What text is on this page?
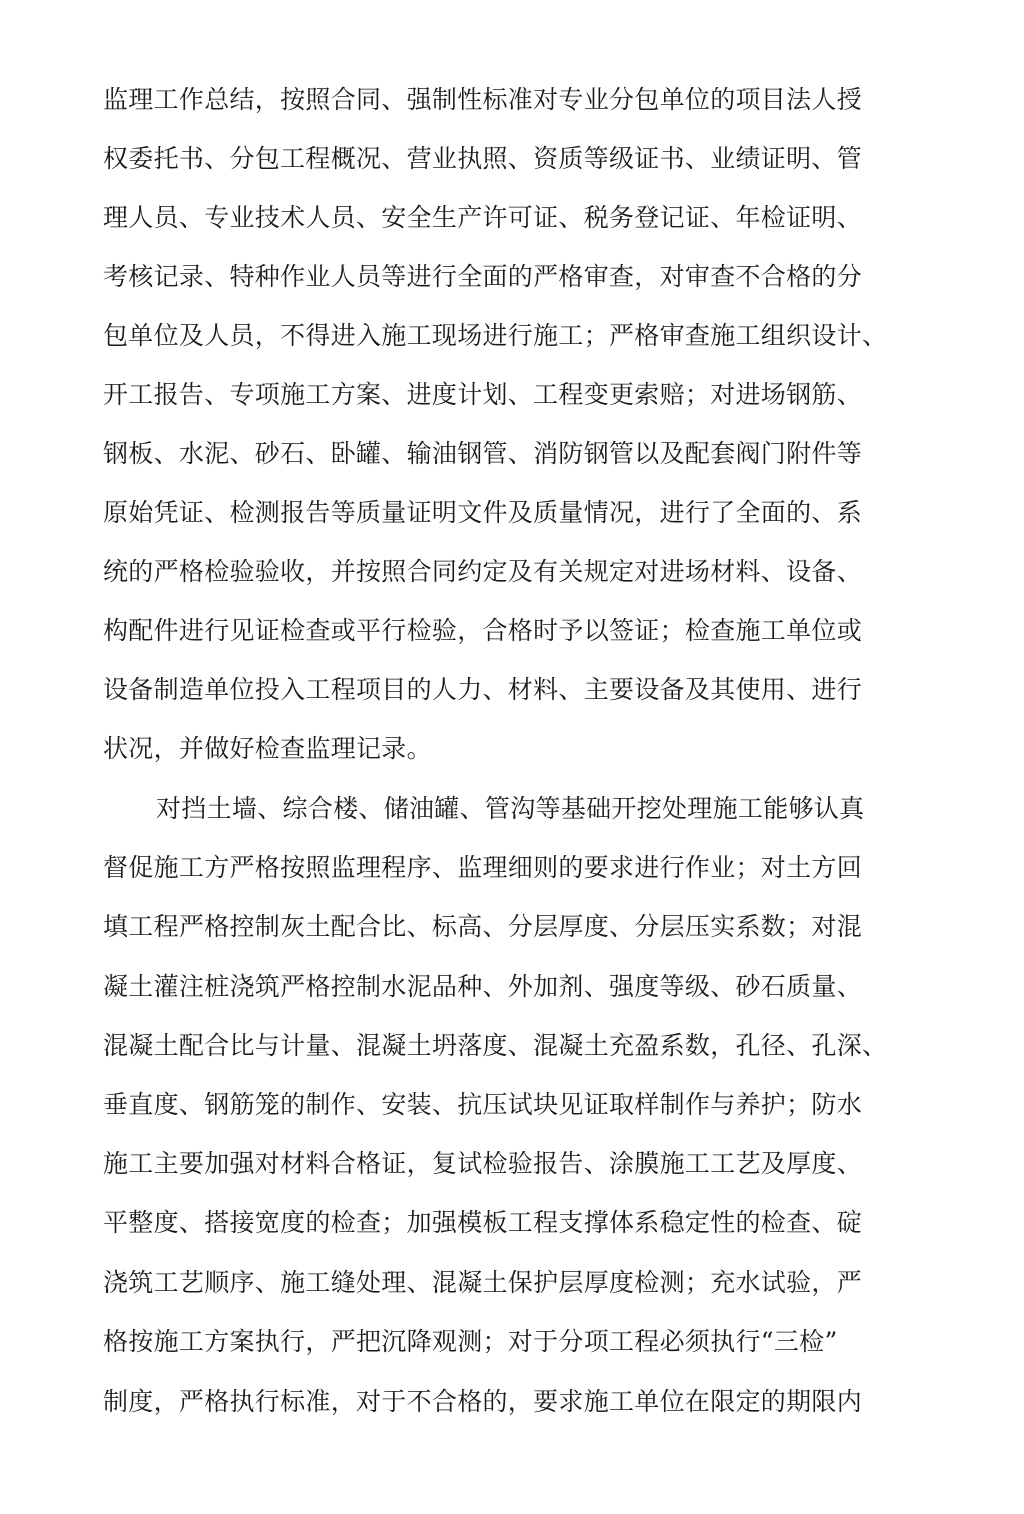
监理工作总结，按照合同、强制性标准对专业分包单位的项目法人授
权委托书、分包工程概况、营业执照、资质等级证书、业绩证明、管
理人员、专业技术人员、安全生产许可证、税务登记证、年检证明、
考核记录、特种作业人员等进行全面的严格审查，对审查不合格的分
包单位及人员，不得进入施工现场进行施工；严格审查施工组织设计、
开工报告、专项施工方案、进度计划、工程变更索赔；对进场钢筋、
钢板、水泥、砂石、卧罐、输油钢管、消防钢管以及配套阀门附件等
原始凭证、检测报告等质量证明文件及质量情况，进行了全面的、系
统的严格检验验收，并按照合同约定及有关规定对进场材料、设备、
构配件进行见证检查或平行检验，合格时予以签证；检查施工单位或
设备制造单位投入工程项目的人力、材料、主要设备及其使用、进行
状况，并做好检查监理记录。
对挡土墙、综合楼、储油罐、管沟等基础开挖处理施工能够认真
督促施工方严格按照监理程序、监理细则的要求进行作业；对土方回
填工程严格控制灰土配合比、标高、分层厚度、分层压实系数；对混
凝土灌注桩浇筑严格控制水泥品种、外加剂、强度等级、砂石质量、
混凝土配合比与计量、混凝土坍落度、混凝土充盈系数，孔径、孔深、
垂直度、钢筋笼的制作、安装、抗压试块见证取样制作与养护；防水
施工主要加强对材料合格证，复试检验报告、涂膜施工工艺及厚度、
平整度、搭接宽度的检查；加强模板工程支撑体系稳定性的检查、碇
浇筑工艺顺序、施工缝处理、混凝土保护层厚度检测；充水试验，严
格按施工方案执行，严把沉降观测；对于分项工程必须执行“三检”
制度，严格执行标准，对于不合格的，要求施工单位在限定的期限内
